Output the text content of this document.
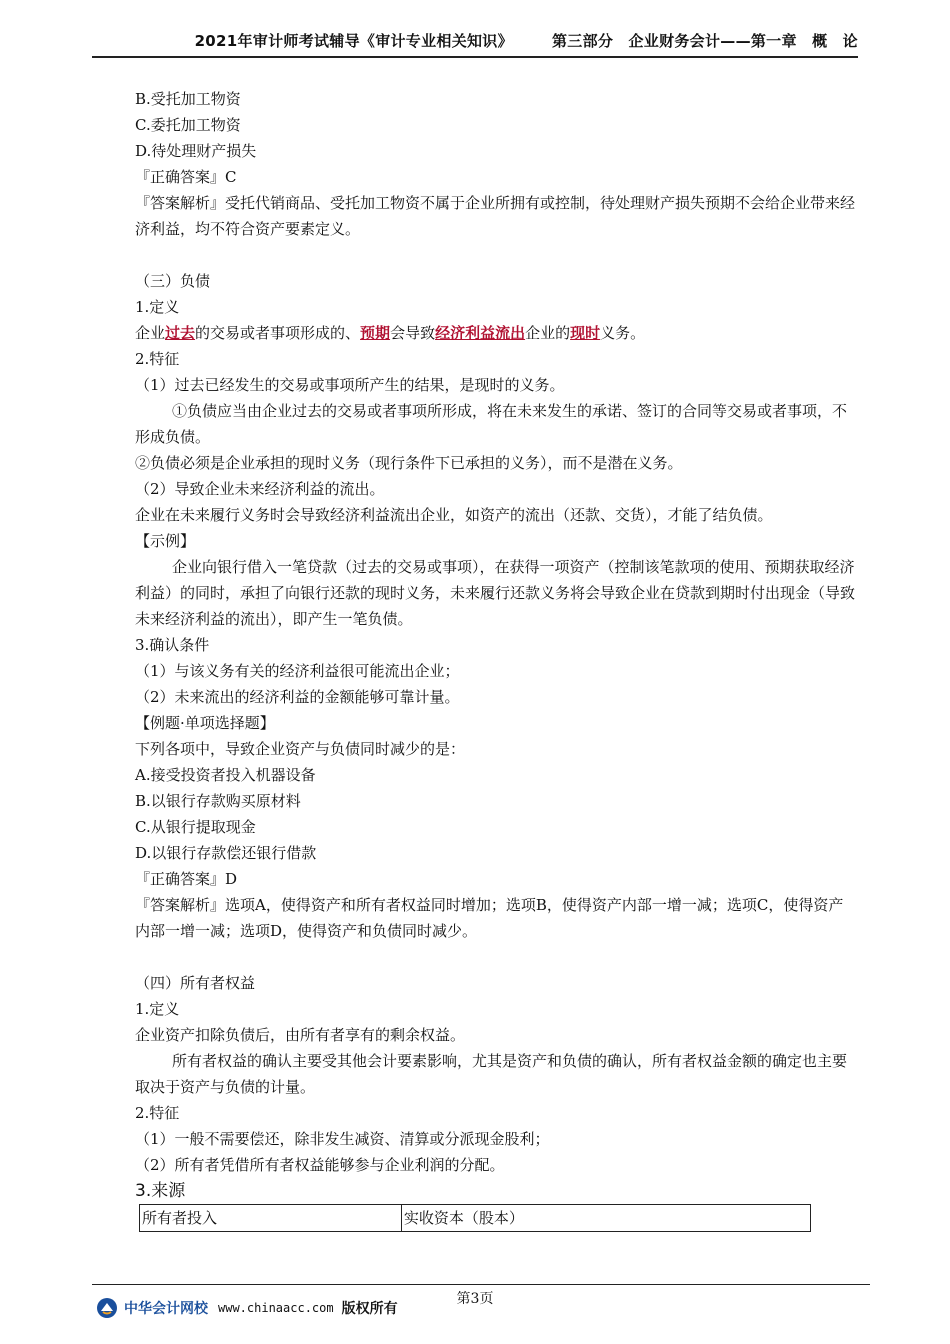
2021年审计师考试辅导《审计专业相关知识》	第三部分　企业财务会计——第一章　概　论

B.受托加工物资

C.委托加工物资

D.待处理财产损失

『正确答案』C

『答案解析』受托代销商品、受托加工物资不属于企业所拥有或控制，待处理财产损失预期不会给企业带来经济利益，均不符合资产要素定义。

（三）负债

1.定义

企业过去的交易或者事项形成的、预期会导致经济利益流出企业的现时义务。

2.特征

（1）过去已经发生的交易或事项所产生的结果，是现时的义务。

①负债应当由企业过去的交易或者事项所形成，将在未来发生的承诺、签订的合同等交易或者事项，不形成负债。

②负债必须是企业承担的现时义务（现行条件下已承担的义务），而不是潜在义务。

（2）导致企业未来经济利益的流出。

企业在未来履行义务时会导致经济利益流出企业，如资产的流出（还款、交货），才能了结负债。

【示例】

企业向银行借入一笔贷款（过去的交易或事项），在获得一项资产（控制该笔款项的使用、预期获取经济利益）的同时，承担了向银行还款的现时义务，未来履行还款义务将会导致企业在贷款到期时付出现金（导致未来经济利益的流出），即产生一笔负债。

3.确认条件

（1）与该义务有关的经济利益很可能流出企业；

（2）未来流出的经济利益的金额能够可靠计量。

【例题·单项选择题】

下列各项中，导致企业资产与负债同时减少的是：

A.接受投资者投入机器设备

B.以银行存款购买原材料

C.从银行提取现金

D.以银行存款偿还银行借款

『正确答案』D

『答案解析』选项A，使得资产和所有者权益同时增加；选项B，使得资产内部一增一减；选项C，使得资产内部一增一减；选项D，使得资产和负债同时减少。

（四）所有者权益

1.定义

企业资产扣除负债后，由所有者享有的剩余权益。

所有者权益的确认主要受其他会计要素影响，尤其是资产和负债的确认，所有者权益金额的确定也主要取决于资产与负债的计量。

2.特征

（1）一般不需要偿还，除非发生减资、清算或分派现金股利；

（2）所有者凭借所有者权益能够参与企业利润的分配。

3.来源

所有者投入	实收资本（股本）
第3页
中华会计网校 www.chinaacc.com 版权所有
